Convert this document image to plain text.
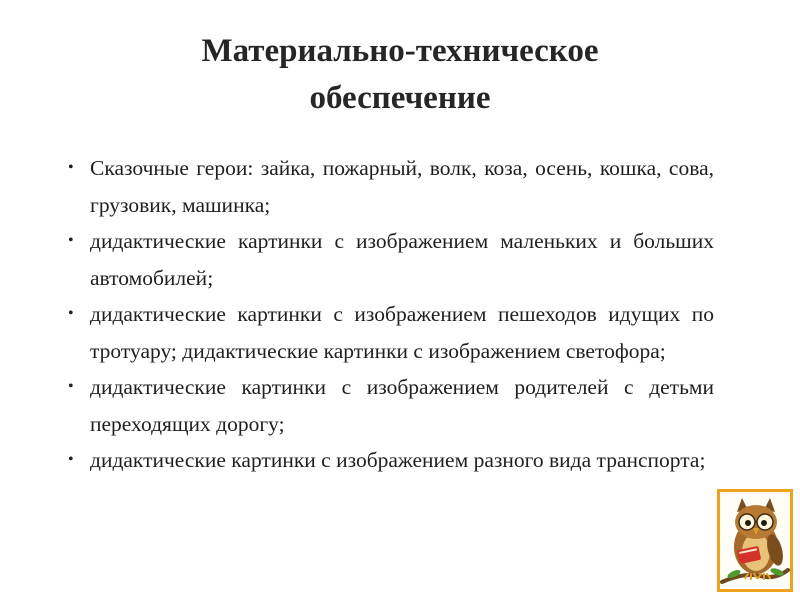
Материально-техническое
обеспечение
• Сказочные герои: зайка, пожарный, волк, коза, осень, кошка, сова, грузовик, машинка;
• дидактические картинки с изображением маленьких и больших автомобилей;
• дидактические картинки с изображением пешеходов идущих по тротуару; дидактические картинки с изображением светофора;
• дидактические картинки с изображением родителей с детьми переходящих дорогу;
• дидактические картинки с изображением разного вида транспорта;
